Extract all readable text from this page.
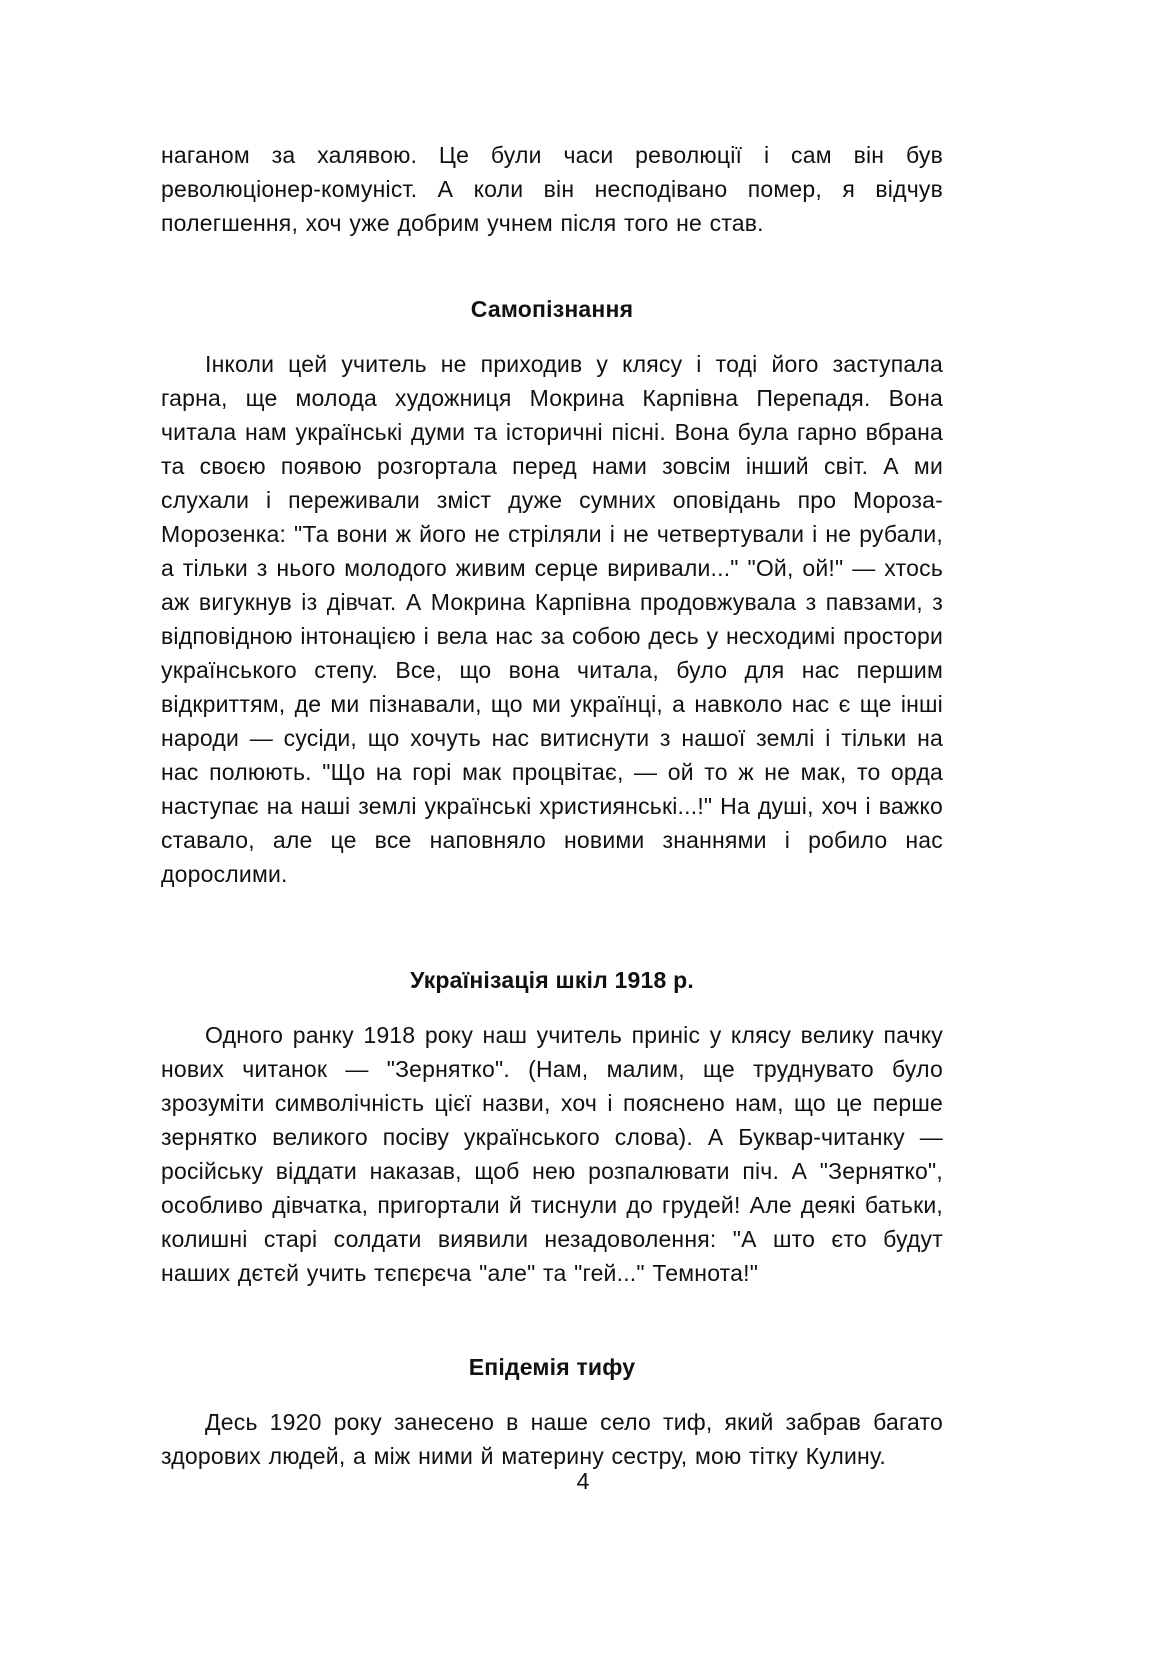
наганом за халявою. Це були часи революції і сам він був революціонер-комуніст. А коли він несподівано помер, я відчув полегшення, хоч уже добрим учнем після того не став.

Самопізнання

Інколи цей учитель не приходив у клясу і тоді його заступала гарна, ще молода художниця Мокрина Карпівна Перепадя. Вона читала нам українські думи та історичні пісні. Вона була гарно вбрана та своєю появою розгортала перед нами зовсім інший світ. А ми слухали і переживали зміст дуже сумних оповідань про Мороза-Морозенка: "Та вони ж його не стріляли і не четвертували і не рубали, а тільки з нього молодого живим серце виривали..." "Ой, ой!" — хтось аж вигукнув із дівчат. А Мокрина Карпівна продовжувала з павзами, з відповідною інтонацією і вела нас за собою десь у несходимі простори українського степу. Все, що вона читала, було для нас першим відкриттям, де ми пізнавали, що ми українці, а навколо нас є ще інші народи — сусіди, що хочуть нас витиснути з нашої землі і тільки на нас полюють. "Що на горі мак процвітає, — ой то ж не мак, то орда наступає на наші землі українські християнські...!" На душі, хоч і важко ставало, але це все наповняло новими знаннями і робило нас дорослими.

Українізація шкіл 1918 р.

Одного ранку 1918 року наш учитель приніс у клясу велику пачку нових читанок — "Зернятко". (Нам, малим, ще труднувато було зрозуміти символічність цієї назви, хоч і пояснено нам, що це перше зернятко великого посіву українського слова). А Буквар-читанку — російську віддати наказав, щоб нею розпалювати піч. А "Зернятко", особливо дівчатка, пригортали й тиснули до грудей! Але деякі батьки, колишні старі солдати виявили незадоволення: "А што єто будут наших дєтєй учить тєпєрєча "але" та "гей..." Темнота!"

Епідемія тифу

Десь 1920 року занесено в наше село тиф, який забрав багато здорових людей, а між ними й материну сестру, мою тітку Кулину.

4
